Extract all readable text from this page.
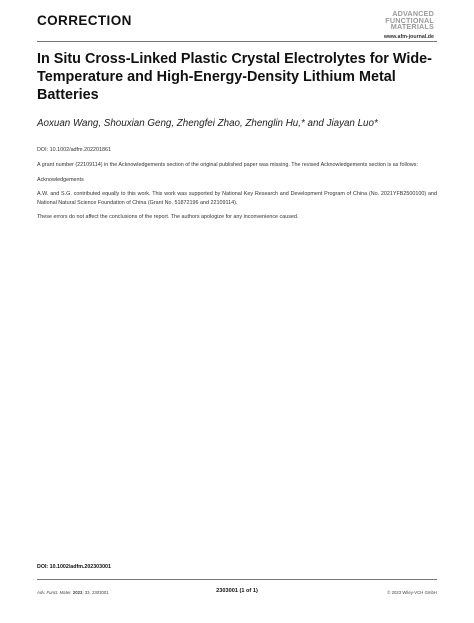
CORRECTION	ADVANCED
FUNCTIONAL
MATERIALS
www.afm-journal.de
In Situ Cross-Linked Plastic Crystal Electrolytes for Wide-Temperature and High-Energy-Density Lithium Metal Batteries
Aoxuan Wang, Shouxian Geng, Zhengfei Zhao, Zhenglin Hu,* and Jiayan Luo*
DOI: 10.1002/adfm.202201861

A grant number (22109114) in the Acknowledgements section of the original published paper was missing. The revised Acknowledgements section is as follows:

Acknowledgements

A.W. and S.G. contributed equally to this work. This work was supported by National Key Research and Development Program of China (No. 2021YFB2500100) and National Natural Science Foundation of China (Grant No. 51872196 and 22109114).

These errors do not affect the conclusions of the report. The authors apologize for any inconvenience caused.

DOI: 10.1002/adfm.202303001
Adv. Funct. Mater. 2023, 33, 2303001	2303001 (1 of 1)	© 2023 Wiley-VCH GmbH
